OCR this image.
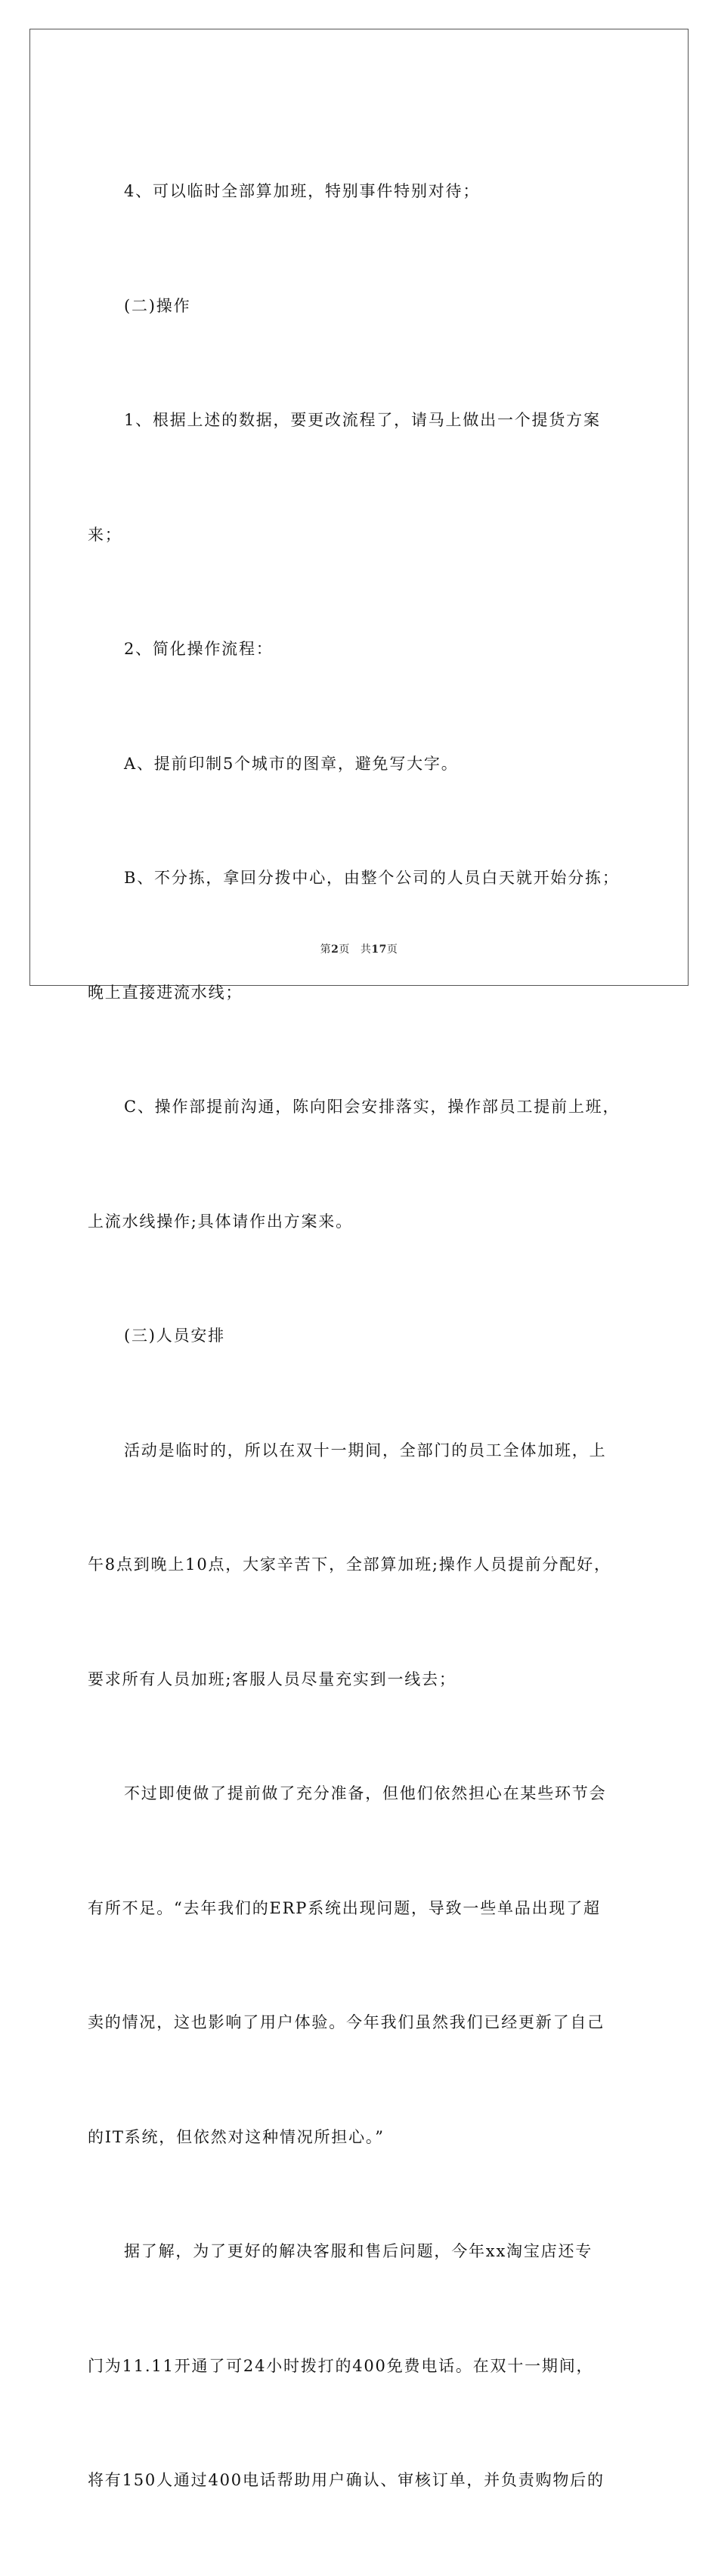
4、可以临时全部算加班，特别事件特别对待；

(二)操作

1、根据上述的数据，要更改流程了，请马上做出一个提货方案

来；

2、简化操作流程：

A、提前印制5个城市的图章，避免写大字。

B、不分拣，拿回分拨中心，由整个公司的人员白天就开始分拣；

晚上直接进流水线；

C、操作部提前沟通，陈向阳会安排落实，操作部员工提前上班，

上流水线操作;具体请作出方案来。

(三)人员安排

活动是临时的，所以在双十一期间，全部门的员工全体加班，上

午8点到晚上10点，大家辛苦下，全部算加班;操作人员提前分配好，

要求所有人员加班;客服人员尽量充实到一线去；

不过即使做了提前做了充分准备，但他们依然担心在某些环节会

有所不足。“去年我们的ERP系统出现问题，导致一些单品出现了超

卖的情况，这也影响了用户体验。今年我们虽然我们已经更新了自己

的IT系统，但依然对这种情况所担心。”

据了解，为了更好的解决客服和售后问题，今年xx淘宝店还专

门为11.11开通了可24小时拨打的400免费电话。在双十一期间，

将有150人通过400电话帮助用户确认、审核订单，并负责购物后的

第2页 共17页
